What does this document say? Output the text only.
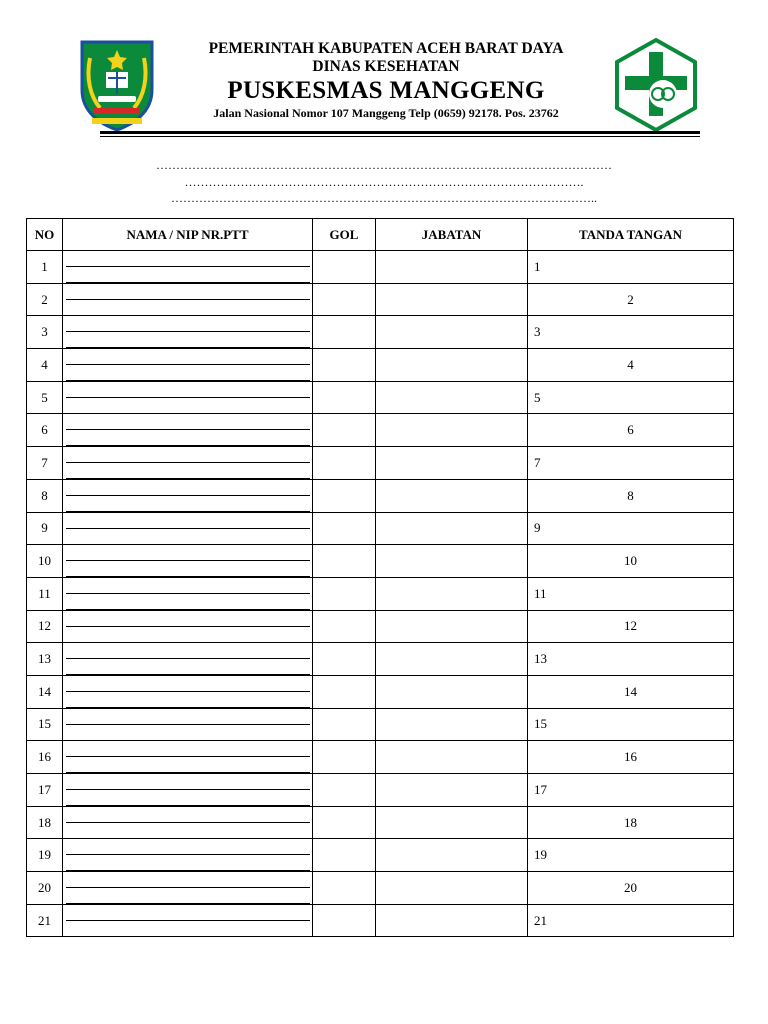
PEMERINTAH KABUPATEN ACEH BARAT DAYA
DINAS KESEHATAN
PUSKESMAS MANGGENG
Jalan Nasional Nomor 107 Manggeng Telp (0659) 92178. Pos. 23762
……………………………………………………………………………………………………
……………………………………………………………………………………….
……………………………………………………………………………………………..
NO	NAMA / NIP NR.PTT	GOL	JABATAN	TANDA TANGAN
1				1
2				2
3				3
4				4
5				5
6				6
7				7
8				8
9				9
10				10
11				11
12				12
13				13
14				14
15				15
16				16
17				17
18				18
19				19
20				20
21				21
